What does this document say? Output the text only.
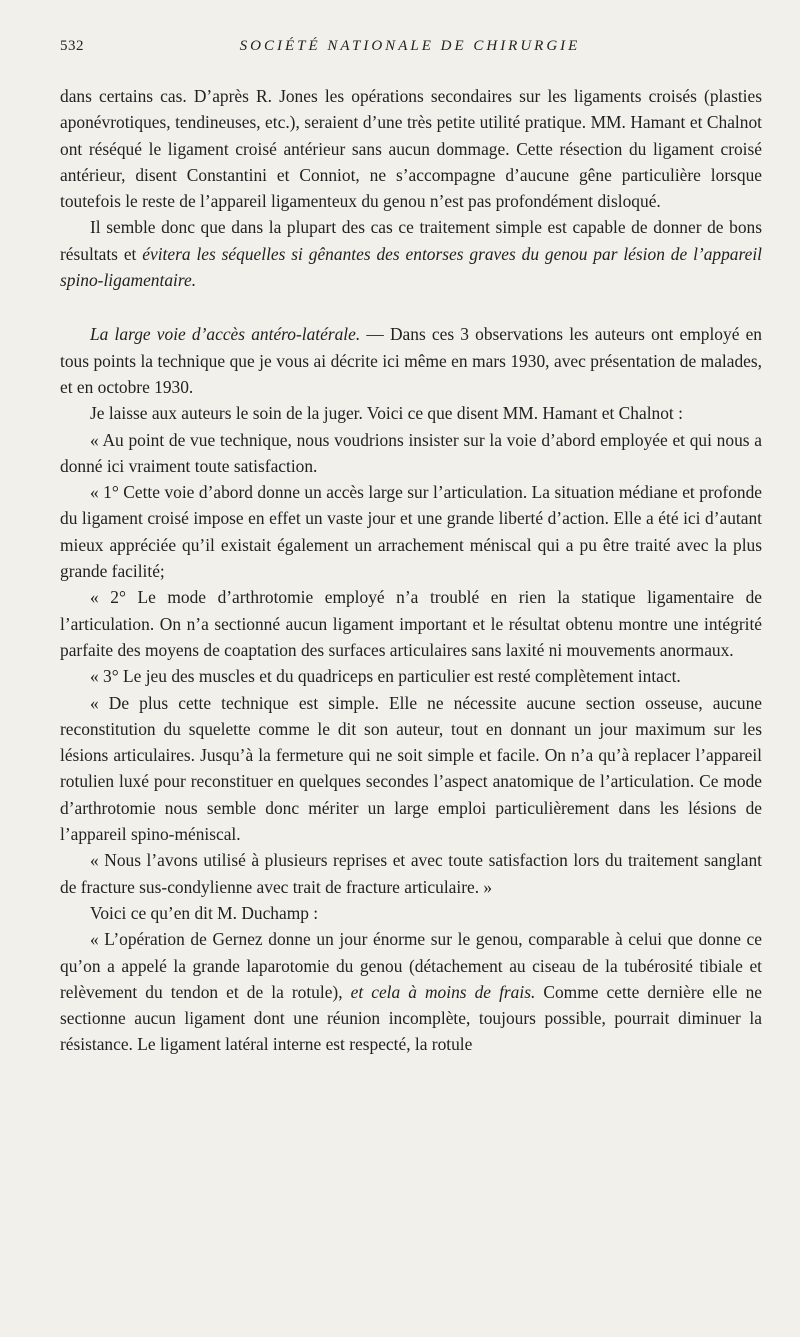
532	SOCIÉTÉ NATIONALE DE CHIRURGIE

dans certains cas. D’après R. Jones les opérations secondaires sur les ligaments croisés (plasties aponévrotiques, tendineuses, etc.), seraient d’une très petite utilité pratique. MM. Hamant et Chalnot ont réséqué le ligament croisé antérieur sans aucun dommage. Cette résection du ligament croisé antérieur, disent Constantini et Conniot, ne s’accompagne d’aucune gêne particulière lorsque toutefois le reste de l’appareil ligamenteux du genou n’est pas profondément disloqué.

Il semble donc que dans la plupart des cas ce traitement simple est capable de donner de bons résultats et évitera les séquelles si gênantes des entorses graves du genou par lésion de l’appareil spino-ligamentaire.

La large voie d’accès antéro-latérale. — Dans ces 3 observations les auteurs ont employé en tous points la technique que je vous ai décrite ici même en mars 1930, avec présentation de malades, et en octobre 1930.

Je laisse aux auteurs le soin de la juger. Voici ce que disent MM. Hamant et Chalnot :

« Au point de vue technique, nous voudrions insister sur la voie d’abord employée et qui nous a donné ici vraiment toute satisfaction.

« 1° Cette voie d’abord donne un accès large sur l’articulation. La situation médiane et profonde du ligament croisé impose en effet un vaste jour et une grande liberté d’action. Elle a été ici d’autant mieux appréciée qu’il existait également un arrachement méniscal qui a pu être traité avec la plus grande facilité;

« 2° Le mode d’arthrotomie employé n’a troublé en rien la statique ligamentaire de l’articulation. On n’a sectionné aucun ligament important et le résultat obtenu montre une intégrité parfaite des moyens de coaptation des surfaces articulaires sans laxité ni mouvements anormaux.

« 3° Le jeu des muscles et du quadriceps en particulier est resté complètement intact.

« De plus cette technique est simple. Elle ne nécessite aucune section osseuse, aucune reconstitution du squelette comme le dit son auteur, tout en donnant un jour maximum sur les lésions articulaires. Jusqu’à la fermeture qui ne soit simple et facile. On n’a qu’à replacer l’appareil rotulien luxé pour reconstituer en quelques secondes l’aspect anatomique de l’articulation. Ce mode d’arthrotomie nous semble donc mériter un large emploi particulièrement dans les lésions de l’appareil spino-méniscal.

« Nous l’avons utilisé à plusieurs reprises et avec toute satisfaction lors du traitement sanglant de fracture sus-condylienne avec trait de fracture articulaire. »

Voici ce qu’en dit M. Duchamp :

« L’opération de Gernez donne un jour énorme sur le genou, comparable à celui que donne ce qu’on a appelé la grande laparotomie du genou (détachement au ciseau de la tubérosité tibiale et relèvement du tendon et de la rotule), et cela à moins de frais. Comme cette dernière elle ne sectionne aucun ligament dont une réunion incomplète, toujours possible, pourrait diminuer la résistance. Le ligament latéral interne est respecté, la rotule
